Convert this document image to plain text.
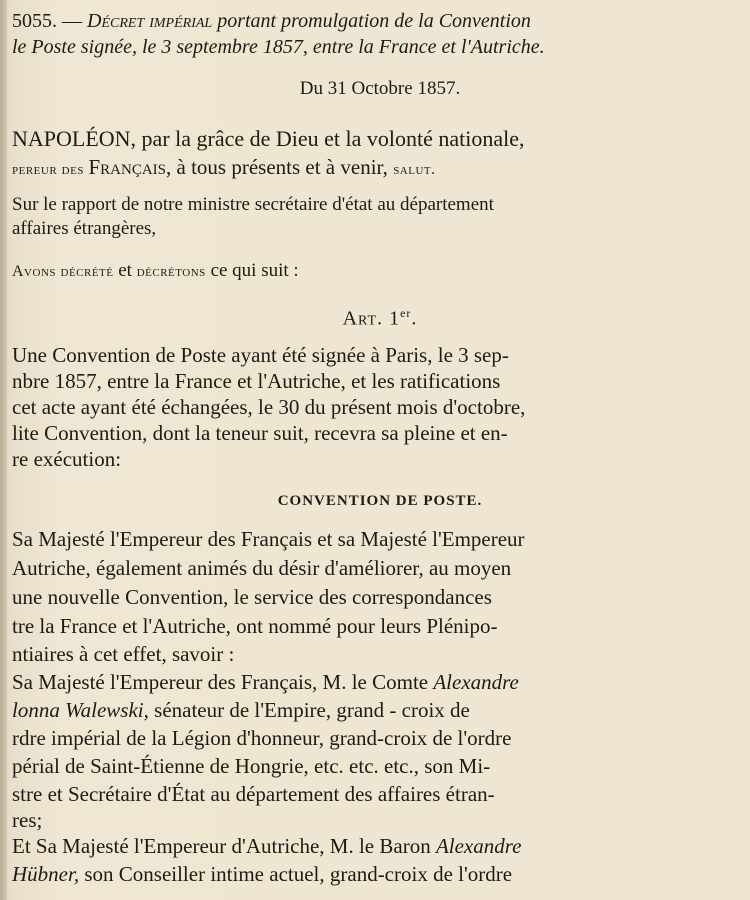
5055. — Décret impérial portant promulgation de la Convention
le Poste signée, le 3 septembre 1857, entre la France et l'Autriche.
Du 31 Octobre 1857.
NAPOLÉON, par la grâce de Dieu et la volonté nationale,
pereur des Français, à tous présents et à venir, salut.
Sur le rapport de notre ministre secrétaire d'état au département
affaires étrangères,
Avons décrété et décrétons ce qui suit :
Art. 1er.
Une Convention de Poste ayant été signée à Paris, le 3 sep-
nbre 1857, entre la France et l'Autriche, et les ratifications
cet acte ayant été échangées, le 30 du présent mois d'octobre,
lite Convention, dont la teneur suit, recevra sa pleine et en-
re exécution:
CONVENTION DE POSTE.
Sa Majesté l'Empereur des Français et sa Majesté l'Empereur
Autriche, également animés du désir d'améliorer, au moyen
une nouvelle Convention, le service des correspondances
tre la France et l'Autriche, ont nommé pour leurs Plénipo-
ntiaires à cet effet, savoir :
Sa Majesté l'Empereur des Français, M. le Comte Alexandre
lonna Walewski, sénateur de l'Empire, grand - croix de
rdre impérial de la Légion d'honneur, grand-croix de l'ordre
périal de Saint-Étienne de Hongrie, etc. etc. etc., son Mi-
stre et Secrétaire d'État au département des affaires étran-
res;
Et Sa Majesté l'Empereur d'Autriche, M. le Baron Alexandre
Hübner, son Conseiller intime actuel, grand-croix de l'ordre
